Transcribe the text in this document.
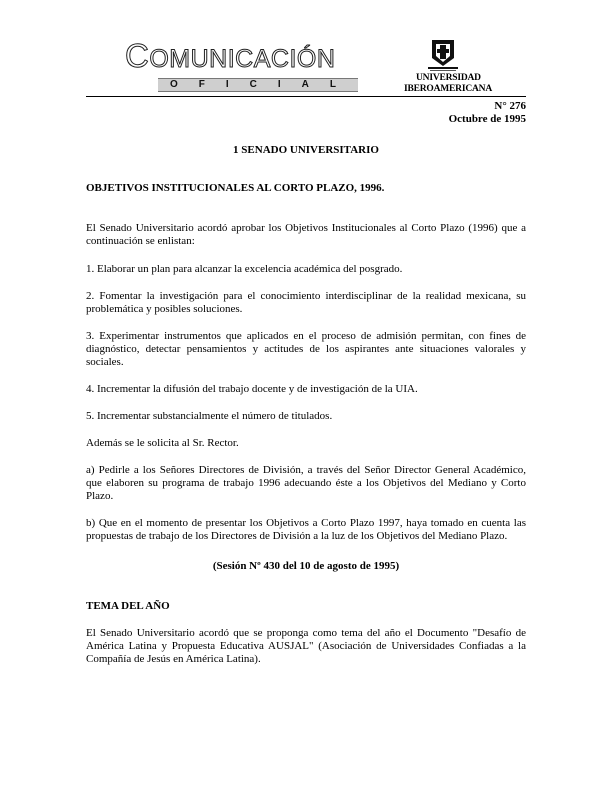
COMUNICACIÓN
OFICIAL
UNIVERSIDAD
IBEROAMERICANA
N° 276
Octubre de 1995
1 SENADO UNIVERSITARIO
OBJETIVOS INSTITUCIONALES AL CORTO PLAZO, 1996.
El Senado Universitario acordó aprobar los Objetivos Institucionales al Corto Plazo (1996) que a continuación se enlistan:
1. Elaborar un plan para alcanzar la excelencia académica del posgrado.
2. Fomentar la investigación para el conocimiento interdisciplinar de la realidad mexicana, su problemática y posibles soluciones.
3. Experimentar instrumentos que aplicados en el proceso de admisión permitan, con fines de diagnóstico, detectar pensamientos y actitudes de los aspirantes ante situaciones valorales y sociales.
4. Incrementar la difusión del trabajo docente y de investigación de la UIA.
5. Incrementar substancialmente el número de titulados.
Además se le solicita al Sr. Rector.
a) Pedirle a los Señores Directores de División, a través del Señor Director General Académico, que elaboren su programa de trabajo 1996 adecuando éste a los Objetivos del Mediano y Corto Plazo.
b) Que en el momento de presentar los Objetivos a Corto Plazo 1997, haya tomado en cuenta las propuestas de trabajo de los Directores de División a la luz de los Objetivos del Mediano Plazo.
(Sesión Nº 430 del 10 de agosto de 1995)
TEMA DEL AÑO
El Senado Universitario acordó que se proponga como tema del año el Documento "Desafío de América Latina y Propuesta Educativa AUSJAL" (Asociación de Universidades Confiadas a la Compañía de Jesús en América Latina).
